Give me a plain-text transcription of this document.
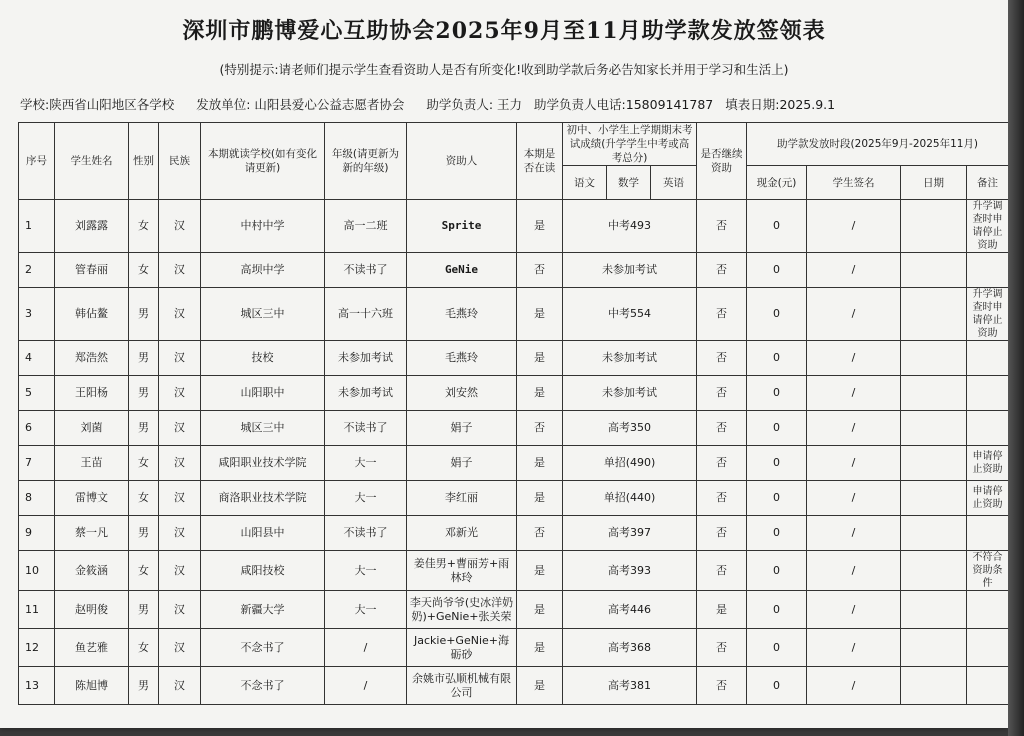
深圳市鹏博爱心互助协会2025年9月至11月助学款发放签领表
(特别提示:请老师们提示学生查看资助人是否有所变化!收到助学款后务必告知家长并用于学习和生活上)
学校:陕西省山阳地区各学校 发放单位: 山阳县爱心公益志愿者协会 助学负责人: 王力 助学负责人电话:15809141787 填表日期:2025.9.1
序号	学生姓名	性别	民族	本期就读学校(如有变化请更新)	年级(请更新为新的年级)	资助人	本期是否在读	初中、小学生上学期期末考试成绩(升学学生中考或高考总分)			是否继续资助	助学款发放时段(2025年9月-2025年11月)			
								语文	数学	英语		现金(元)	学生签名	日期	备注
1	刘露露	女	汉	中村中学	高一二班	Sprite	是	中考493			否	0	/		升学调查时申请停止资助
2	管春丽	女	汉	高坝中学	不读书了	GeNie	否	未参加考试			否	0	/		
3	韩佔鳌	男	汉	城区三中	高一十六班	毛燕玲	是	中考554			否	0	/		升学调查时申请停止资助
4	郑浩然	男	汉	技校	未参加考试	毛燕玲	是	未参加考试			否	0	/		
5	王阳杨	男	汉	山阳职中	未参加考试	刘安然	是	未参加考试			否	0	/		
6	刘菌	男	汉	城区三中	不读书了	娟子	否	高考350			否	0	/		
7	王苗	女	汉	咸阳职业技术学院	大一	娟子	是	单招(490)			否	0	/		申请停止资助
8	雷博文	女	汉	商洛职业技术学院	大一	李红丽	是	单招(440)			否	0	/		申请停止资助
9	蔡一凡	男	汉	山阳县中	不读书了	邓新光	否	高考397			否	0	/		
10	金筱涵	女	汉	咸阳技校	大一	姜佳男+曹丽芳+雨林玲	是	高考393			否	0	/		不符合资助条件
11	赵明俊	男	汉	新疆大学	大一	李天尚爷爷(史冰洋奶奶)+GeNie+张关荣	是	高考446			是	0	/		
12	鱼艺雅	女	汉	不念书了	/	Jackie+GeNie+海砺砂	是	高考368			否	0	/		
13	陈旭博	男	汉	不念书了	/	余姚市弘顺机械有限公司	是	高考381			否	0	/		
